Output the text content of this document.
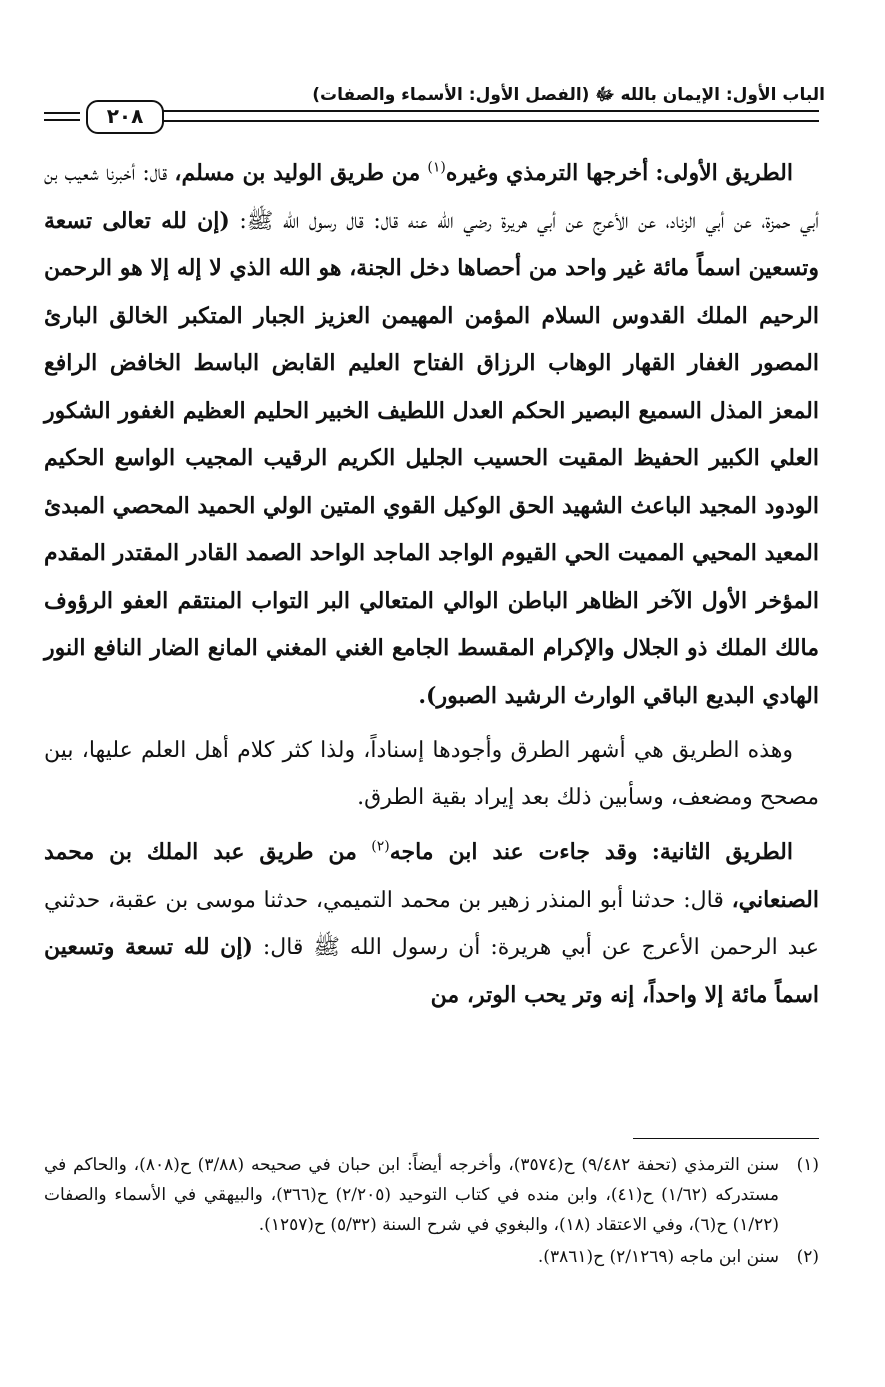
الباب الأول: الإيمان بالله ﷻ (الفصل الأول: الأسماء والصفات)
٢٠٨

الطريق الأولى: أخرجها الترمذي وغيره$^{(١)}$ من طريق الوليد بن مسلم، قال: أخبرنا شعيب بن أبي حمزة، عن أبي الزناد، عن الأعرج عن أبي هريرة رضي الله عنه قال: قال رسول الله ﷺ: (إن لله تعالى تسعة وتسعين اسماً مائة غير واحد من أحصاها دخل الجنة، هو الله الذي لا إله إلا هو الرحمن الرحيم الملك القدوس السلام المؤمن المهيمن العزيز الجبار المتكبر الخالق البارئ المصور الغفار القهار الوهاب الرزاق الفتاح العليم القابض الباسط الخافض الرافع المعز المذل السميع البصير الحكم العدل اللطيف الخبير الحليم العظيم الغفور الشكور العلي الكبير الحفيظ المقيت الحسيب الجليل الكريم الرقيب المجيب الواسع الحكيم الودود المجيد الباعث الشهيد الحق الوكيل القوي المتين الولي الحميد المحصي المبدئ المعيد المحيي المميت الحي القيوم الواجد الماجد الواحد الصمد القادر المقتدر المقدم المؤخر الأول الآخر الظاهر الباطن الوالي المتعالي البر التواب المنتقم العفو الرؤوف مالك الملك ذو الجلال والإكرام المقسط الجامع الغني المغني المانع الضار النافع النور الهادي البديع الباقي الوارث الرشيد الصبور).

وهذه الطريق هي أشهر الطرق وأجودها إسناداً، ولذا كثر كلام أهل العلم عليها، بين مصحح ومضعف، وسأبين ذلك بعد إيراد بقية الطرق.

الطريق الثانية: وقد جاءت عند ابن ماجه$^{(٢)}$ من طريق عبد الملك بن محمد الصنعاني، قال: حدثنا أبو المنذر زهير بن محمد التميمي، حدثنا موسى بن عقبة، حدثني عبد الرحمن الأعرج عن أبي هريرة: أن رسول الله ﷺ قال: (إن لله تسعة وتسعين اسماً مائة إلا واحداً، إنه وتر يحب الوتر، من

(١)
سنن الترمذي (تحفة ٩/٤٨٢) ح(٣٥٧٤)، وأخرجه أيضاً: ابن حبان في صحيحه (٣/٨٨) ح(٨٠٨)، والحاكم في مستدركه (١/٦٢) ح(٤١)، وابن منده في كتاب التوحيد (٢/٢٠٥) ح(٣٦٦)، والبيهقي في الأسماء والصفات (١/٢٢) ح(٦)، وفي الاعتقاد (١٨)، والبغوي في شرح السنة (٥/٣٢) ح(١٢٥٧).
(٢)
سنن ابن ماجه (٢/١٢٦٩) ح(٣٨٦١).
